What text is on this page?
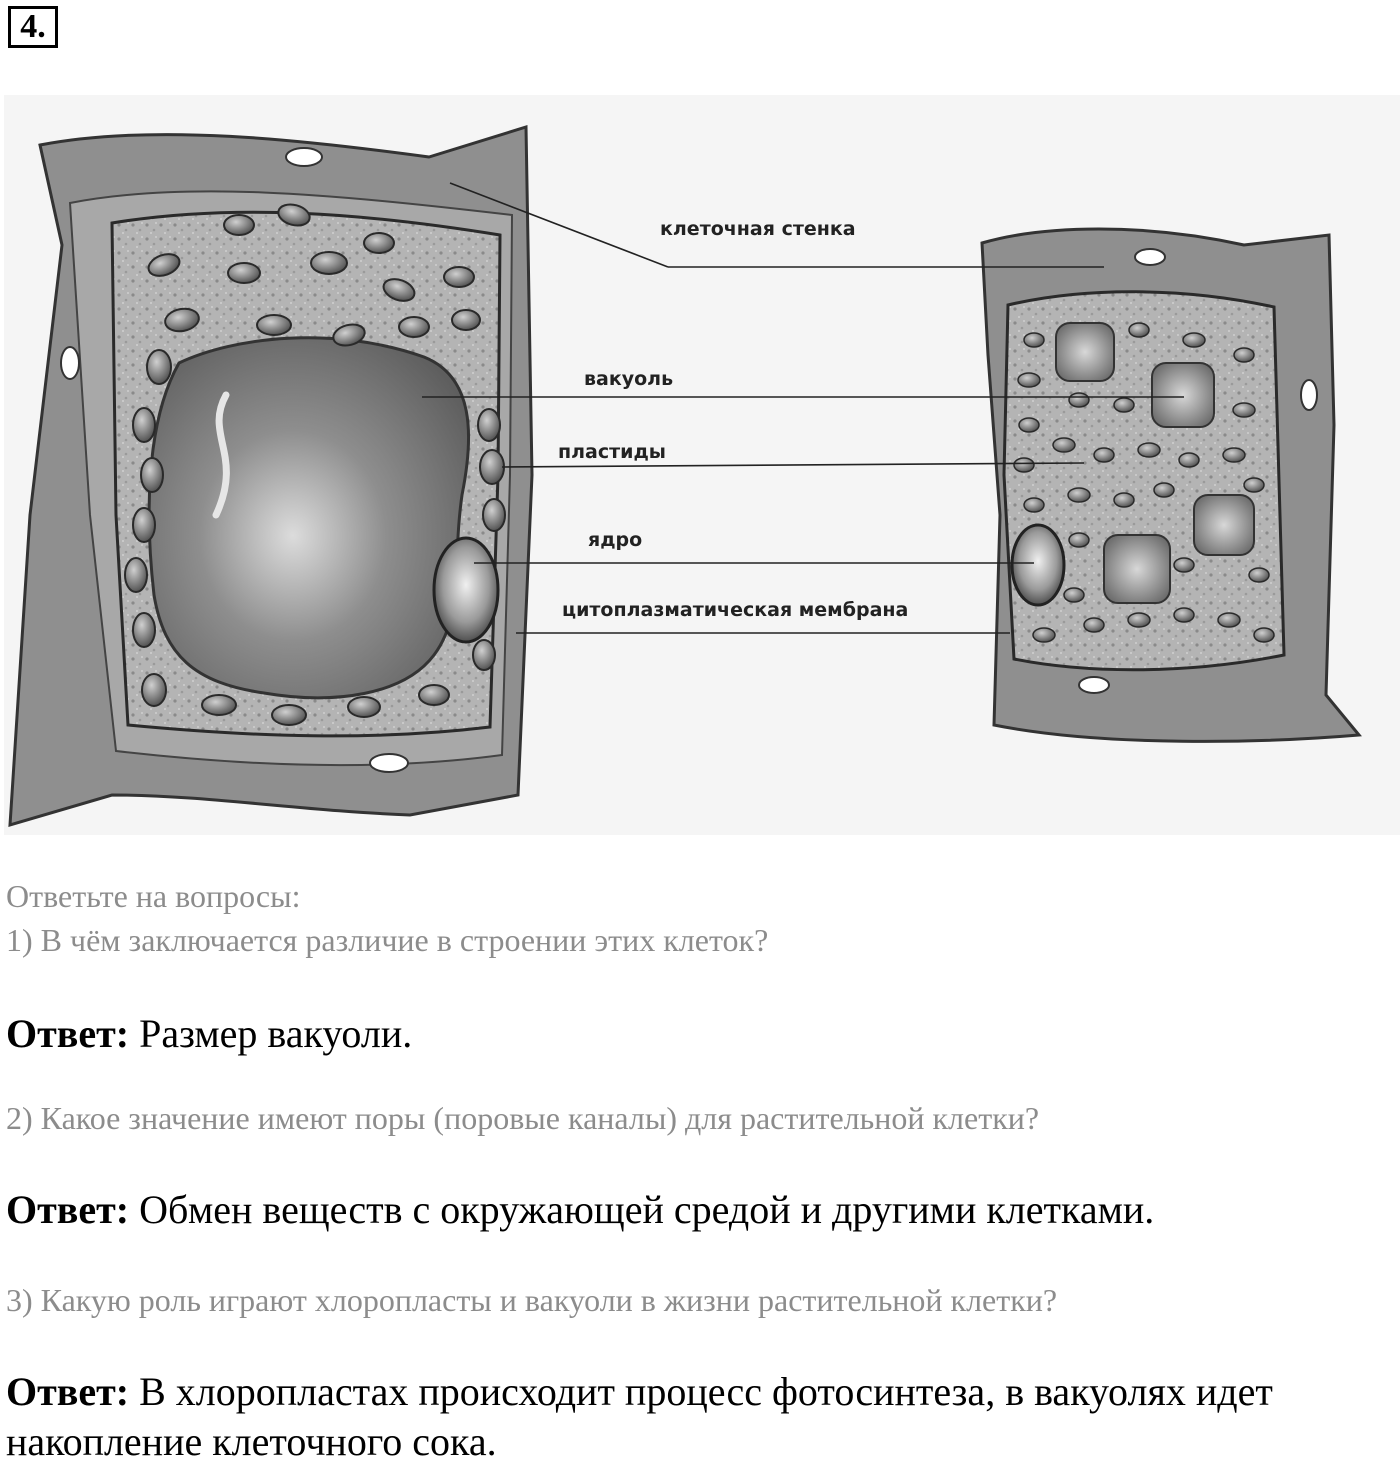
4.
клеточная стенка
вакуоль
пластиды
ядро
цитоплазматическая мембрана

Ответьте на вопросы:

1) В чём заключается различие в строении этих клеток?

Ответ: Размер вакуоли.

2) Какое значение имеют поры (поровые каналы) для растительной клетки?

Ответ: Обмен веществ с окружающей средой и другими клетками.

3) Какую роль играют хлоропласты и вакуоли в жизни растительной клетки?

Ответ: В хлоропластах происходит процесс фотосинтеза, в вакуолях идет

накопление клеточного сока.
